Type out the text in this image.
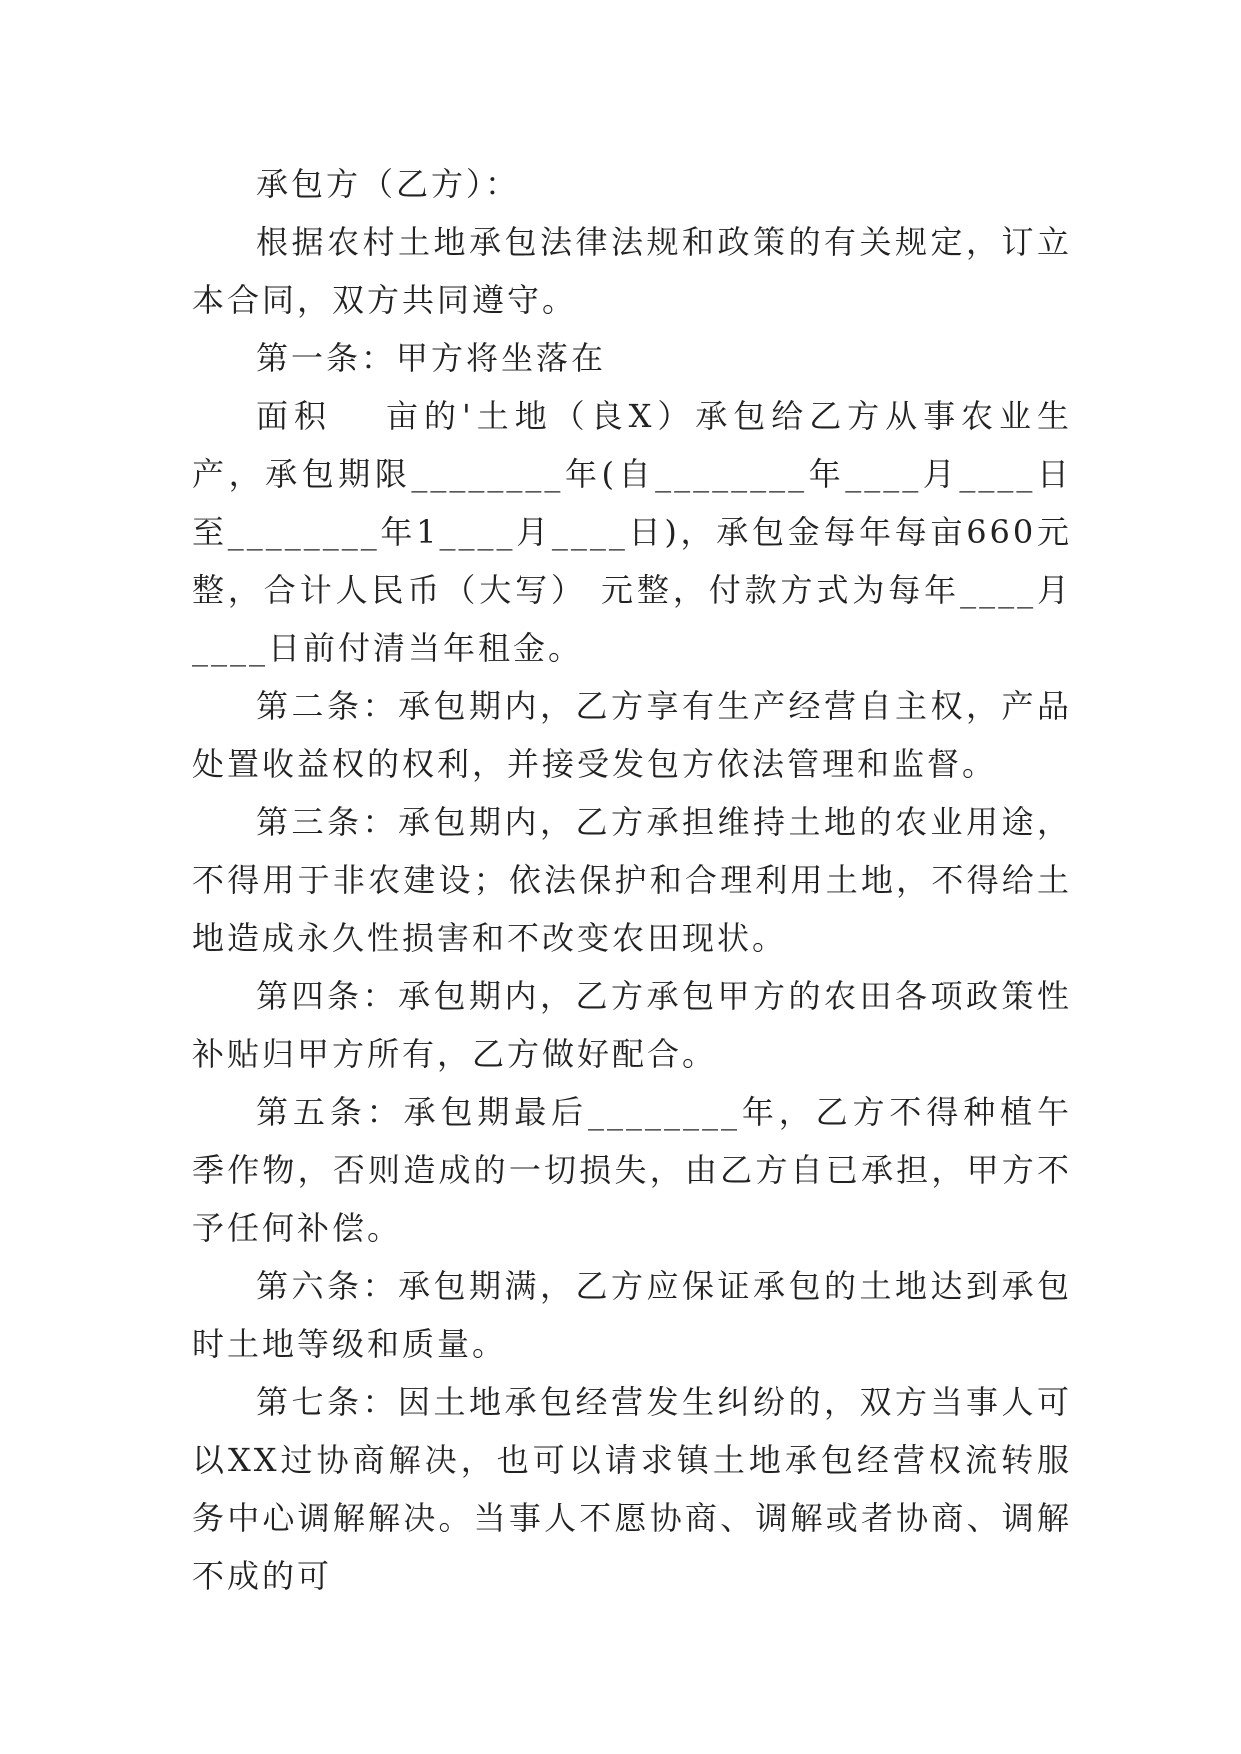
承包方（乙方）：

根据农村土地承包法律法规和政策的有关规定，订立本合同，双方共同遵守。

第一条：甲方将坐落在

面积　 亩的'土地（良X）承包给乙方从事农业生产，承包期限________年(自________年____月____日至________年1____月____日)，承包金每年每亩660元整，合计人民币（大写） 元整，付款方式为每年____月____日前付清当年租金。

第二条：承包期内，乙方享有生产经营自主权，产品处置收益权的权利，并接受发包方依法管理和监督。

第三条：承包期内，乙方承担维持土地的农业用途，不得用于非农建设；依法保护和合理利用土地，不得给土地造成永久性损害和不改变农田现状。

第四条：承包期内，乙方承包甲方的农田各项政策性补贴归甲方所有，乙方做好配合。

第五条：承包期最后________年，乙方不得种植午季作物，否则造成的一切损失，由乙方自已承担，甲方不予任何补偿。

第六条：承包期满，乙方应保证承包的土地达到承包时土地等级和质量。

第七条：因土地承包经营发生纠纷的，双方当事人可以XX过协商解决，也可以请求镇土地承包经营权流转服务中心调解解决。当事人不愿协商、调解或者协商、调解不成的可
